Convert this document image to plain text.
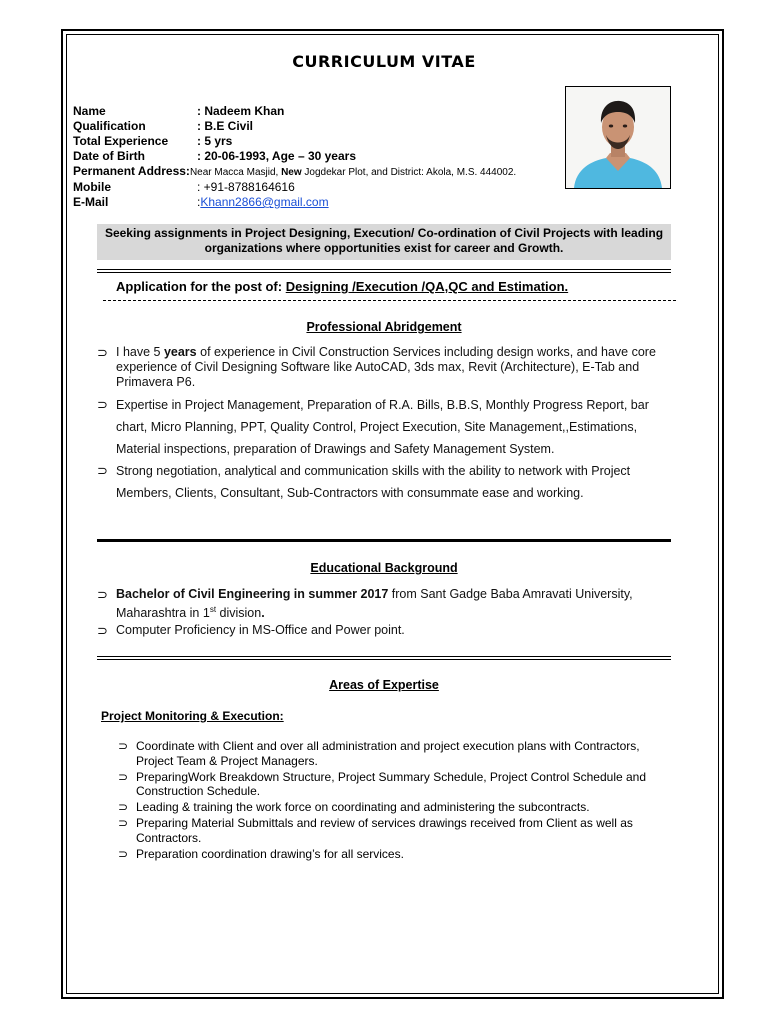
CURRICULUM VITAE
Name	: Nadeem Khan
Qualification	: B.E Civil
Total Experience	: 5 yrs
Date of Birth	: 20-06-1993, Age – 30 years
Permanent Address: Near Macca Masjid, New Jogdekar Plot, and District: Akola, M.S. 444002.
Mobile	: +91-8788164616
E-Mail	: Khann2866@gmail.com
Seeking assignments in Project Designing, Execution/ Co-ordination of Civil Projects with leading organizations where opportunities exist for career and Growth.
Application for the post of: Designing /Execution /QA,QC and Estimation.
Professional Abridgement
⊃ I have 5 years of experience in Civil Construction Services including design works, and have core experience of Civil Designing Software like AutoCAD, 3ds max, Revit (Architecture), E-Tab and Primavera P6.
⊃ Expertise in Project Management, Preparation of R.A. Bills, B.B.S, Monthly Progress Report, bar chart, Micro Planning, PPT, Quality Control, Project Execution, Site Management,,Estimations, Material inspections, preparation of Drawings and Safety Management System.
⊃ Strong negotiation, analytical and communication skills with the ability to network with Project Members, Clients, Consultant, Sub-Contractors with consummate ease and working.
Educational Background
⊃ Bachelor of Civil Engineering in summer 2017 from Sant Gadge Baba Amravati University, Maharashtra in 1st division.
⊃ Computer Proficiency in MS-Office and Power point.
Areas of Expertise
Project Monitoring & Execution:
⊃ Coordinate with Client and over all administration and project execution plans with Contractors, Project Team & Project Managers.
⊃ PreparingWork Breakdown Structure, Project Summary Schedule, Project Control Schedule and Construction Schedule.
⊃ Leading & training the work force on coordinating and administering the subcontracts.
⊃ Preparing Material Submittals and review of services drawings received from Client as well as Contractors.
⊃ Preparation coordination drawing’s for all services.
